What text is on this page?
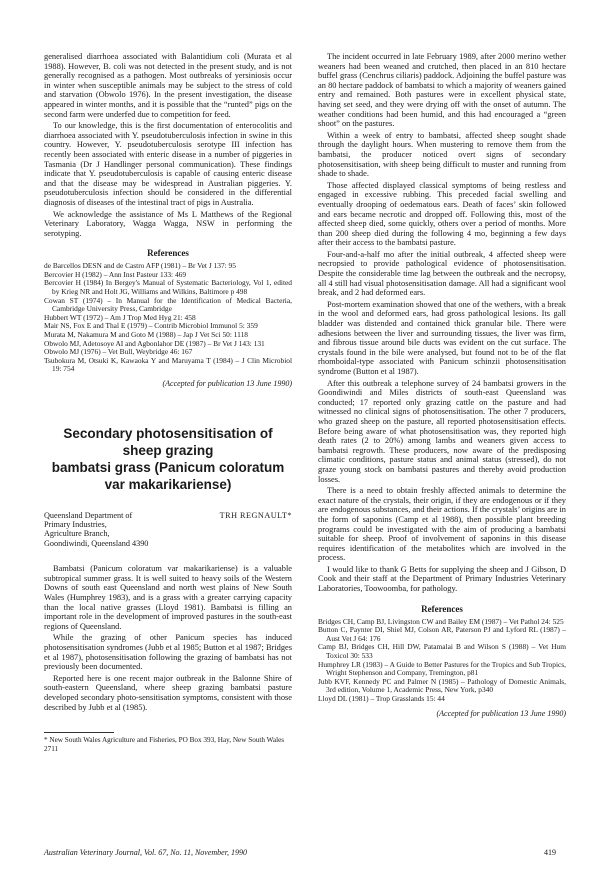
generalised diarrhoea associated with Balantidium coli (Murata et al 1988). However, B. coli was not detected in the present study, and is not generally recognised as a pathogen. Most outbreaks of yersiniosis occur in winter when susceptible animals may be subject to the stress of cold and starvation (Obwolo 1976). In the present investigation, the disease appeared in winter months, and it is possible that the “runted” pigs on the second farm were underfed due to competition for feed.

To our knowledge, this is the first documentation of enterocolitis and diarrhoea associated with Y. pseudotuberculosis infection in swine in this country. However, Y. pseudotuberculosis serotype III infection has recently been associated with enteric disease in a number of piggeries in Tasmania (Dr J Handlinger personal communication). These findings indicate that Y. pseudotuberculosis is capable of causing enteric disease and that the disease may be widespread in Australian piggeries. Y. pseudotuberculosis infection should be considered in the differential diagnosis of diseases of the intestinal tract of pigs in Australia.

We acknowledge the assistance of Ms L Matthews of the Regional Veterinary Laboratory, Wagga Wagga, NSW in performing the serotyping.

References

de Barcellos DESN and de Castro AFP (1981) – Br Vet J 137: 95

Bercovier H (1982) – Ann Inst Pasteur 133: 469

Bercovier H (1984) In Bergey's Manual of Systematic Bacteriology, Vol 1, edited by Krieg NR and Holt JG, Williams and Wilkins, Baltimore p 498

Cowan ST (1974) – In Manual for the Identification of Medical Bacteria, Cambridge University Press, Cambridge

Hubbert WT (1972) – Am J Trop Med Hyg 21: 458

Mair NS, Fox E and Thal E (1979) – Contrib Microbiol Immunol 5: 359

Murata M, Nakamura M and Goto M (1988) – Jap J Vet Sci 50: 1118

Obwolo MJ, Adetosoye AI and Agbonlahor DE (1987) – Br Vet J 143: 131

Obwolo MJ (1976) – Vet Bull, Weybridge 46: 167

Tsubokura M, Otsuki K, Kawaoka Y and Maruyama T (1984) – J Clin Microbiol 19: 754

(Accepted for publication 13 June 1990)

Secondary photosensitisation of sheep grazing
bambatsi grass (Panicum coloratum
var makarikariense)
Queensland Department of
Primary Industries,
Agriculture Branch,
Goondiwindi, Queensland 4390
TRH REGNAULT*

Bambatsi (Panicum coloratum var makarikariense) is a valuable subtropical summer grass. It is well suited to heavy soils of the Western Downs of south east Queensland and north west plains of New South Wales (Humphrey 1983), and is a grass with a greater carrying capacity than the local native grasses (Lloyd 1981). Bambatsi is filling an important role in the development of improved pastures in the south-east regions of Queensland.

While the grazing of other Panicum species has induced photosensitisation syndromes (Jubb et al 1985; Button et al 1987; Bridges et al 1987), photosensitisation following the grazing of bambatsi has not previously been documented.

Reported here is one recent major outbreak in the Balonne Shire of south-eastern Queensland, where sheep grazing bambatsi pasture developed secondary photo-sensitisation symptoms, consistent with those described by Jubb et al (1985).

* New South Wales Agriculture and Fisheries, PO Box 393, Hay, New South Wales 2711

The incident occurred in late February 1989, after 2000 merino wether weaners had been weaned and crutched, then placed in an 810 hectare buffel grass (Cenchrus ciliaris) paddock. Adjoining the buffel pasture was an 80 hectare paddock of bambatsi to which a majority of weaners gained entry and remained. Both pastures were in excellent physical state, having set seed, and they were drying off with the onset of autumn. The weather conditions had been humid, and this had encouraged a “green shoot” on the pastures.

Within a week of entry to bambatsi, affected sheep sought shade through the daylight hours. When mustering to remove them from the bambatsi, the producer noticed overt signs of secondary photosensitisation, with sheep being difficult to muster and running from shade to shade.

Those affected displayed classical symptoms of being restless and engaged in excessive rubbing. This preceded facial swelling and eventually drooping of oedematous ears. Death of faces’ skin followed and ears became necrotic and dropped off. Following this, most of the affected sheep died, some quickly, others over a period of months. More than 200 sheep died during the following 4 mo, beginning a few days after their access to the bambatsi pasture.

Four-and-a-half mo after the initial outbreak, 4 affected sheep were necropsied to provide pathological evidence of photosensitisation. Despite the considerable time lag between the outbreak and the necropsy, all 4 still had visual photosensitisation damage. All had a significant wool break, and 2 had deformed ears.

Post-mortem examination showed that one of the wethers, with a break in the wool and deformed ears, had gross pathological lesions. Its gall bladder was distended and contained thick granular bile. There were adhesions between the liver and surrounding tissues, the liver was firm, and fibrous tissue around bile ducts was evident on the cut surface. The crystals found in the bile were analysed, but found not to be of the flat rhomboidal-type associated with Panicum schinzii photosensitisation syndrome (Button et al 1987).

After this outbreak a telephone survey of 24 bambatsi growers in the Goondiwindi and Miles districts of south-east Queensland was conducted; 17 reported only grazing cattle on the pasture and had witnessed no clinical signs of photosensitisation. The other 7 producers, who grazed sheep on the pasture, all reported photosensitisation effects. Before being aware of what photosensitisation was, they reported high death rates (2 to 20%) among lambs and weaners given access to bambatsi regrowth. These producers, now aware of the predisposing climatic conditions, pasture status and animal status (stressed), do not graze young stock on bambatsi pastures and thereby avoid production losses.

There is a need to obtain freshly affected animals to determine the exact nature of the crystals, their origin, if they are endogenous or if they are endogenous substances, and their actions. If the crystals’ origins are in the form of saponins (Camp et al 1988), then possible plant breeding programs could be investigated with the aim of producing a bambatsi suitable for sheep. Proof of involvement of saponins in this disease requires identification of the metabolites which are involved in the process.

I would like to thank G Betts for supplying the sheep and J Gibson, D Cook and their staff at the Department of Primary Industries Veterinary Laboratories, Toowoomba, for pathology.

References

Bridges CH, Camp BJ, Livingston CW and Bailey EM (1987) – Vet Pathol 24: 525

Button C, Paynter DI, Shiel MJ, Colson AR, Paterson PJ and Lyford RL (1987) – Aust Vet J 64: 176

Camp BJ, Bridges CH, Hill DW, Patamalai B and Wilson S (1988) – Vet Hum Toxicol 30: 533

Humphrey LR (1983) – A Guide to Better Pastures for the Tropics and Sub Tropics, Wright Stephenson and Company, Tremington, p81

Jubb KVF, Kennedy PC and Palmer N (1985) – Pathology of Domestic Animals, 3rd edition, Volume 1, Academic Press, New York, p340

Lloyd DL (1981) – Trop Grasslands 15: 44

(Accepted for publication 13 June 1990)

Australian Veterinary Journal, Vol. 67, No. 11, November, 1990	419
